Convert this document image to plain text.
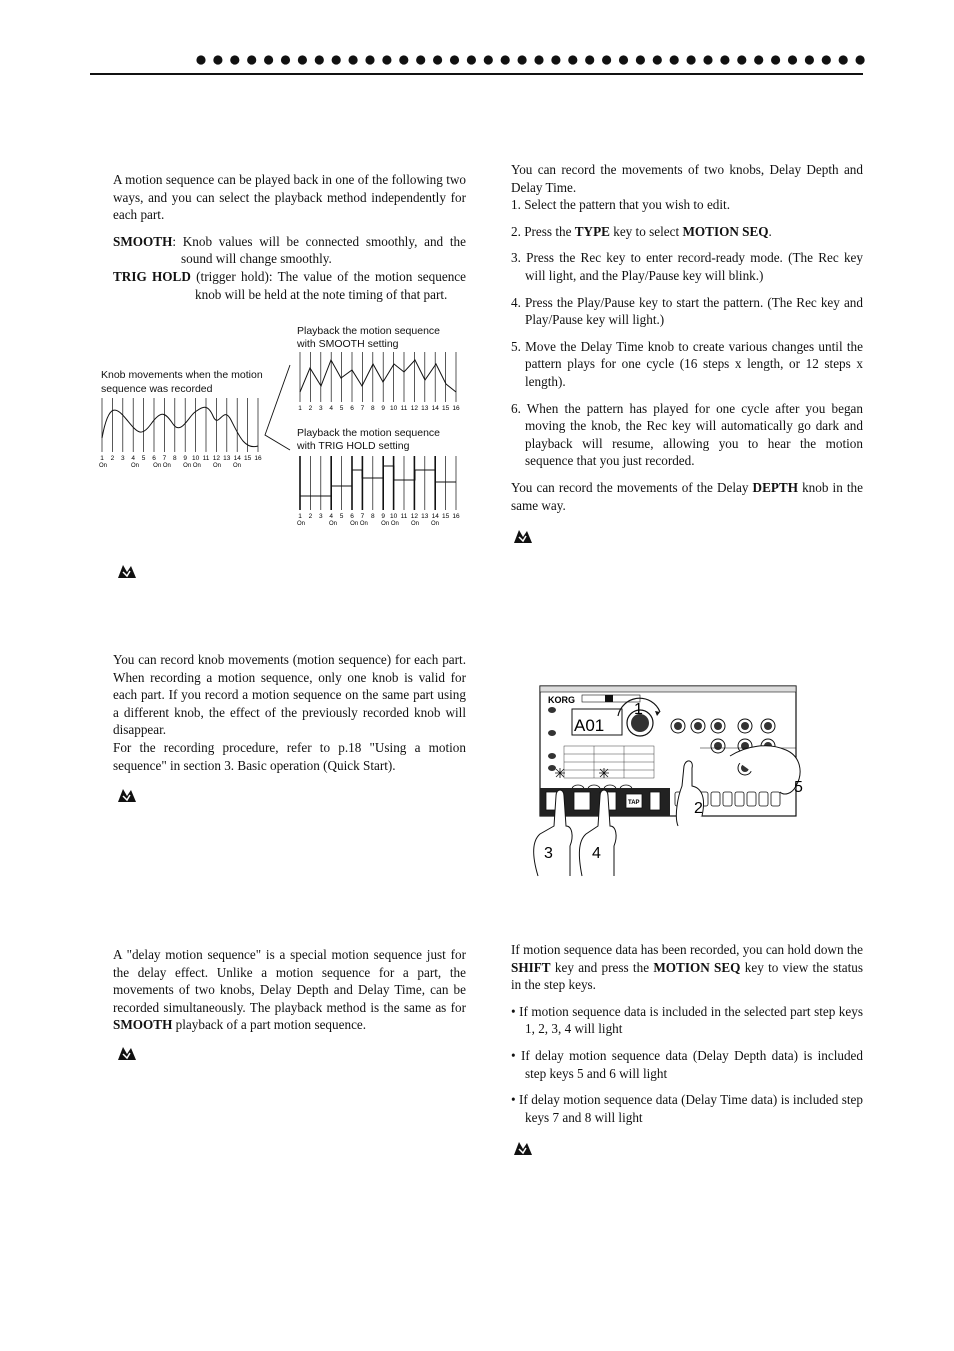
A motion sequence can be played back in one of the following two ways, and you can select the playback method independently for each part.

SMOOTH: Knob values will be connected smoothly, and the sound will change smoothly.

TRIG HOLD (trigger hold): The value of the motion sequence knob will be held at the note timing of that part.

1 2 3 4 5 6 7 8 9 10 11 12 13 14 15 16
On	On On On On On On On
1 2 3 4 5 6 7 8 9 10 11 12 13 14 15 16
1 2 3 4 5 6 7 8 9 10 11 12 13 14 15 16
On	On On On On On On On
Knob movements when the motion sequence was recorded
Playback the motion sequence with SMOOTH setting
Playback the motion sequence with TRIG HOLD setting

You can record knob movements (motion sequence) for each part. When recording a motion sequence, only one knob is valid for each part. If you record a motion sequence on the same part using a different knob, the effect of the previously recorded knob will disappear.

For the recording procedure, refer to p.18 "Using a motion sequence" in section 3. Basic operation (Quick Start).

A "delay motion sequence" is a special motion sequence just for the delay effect. Unlike a motion sequence for a part, the movements of two knobs, Delay Depth and Delay Time, can be recorded simultaneously. The playback method is the same as for SMOOTH playback of a part motion sequence.

You can record the movements of two knobs, Delay Depth and Delay Time.

1. Select the pattern that you wish to edit.
2. Press the TYPE key to select MOTION SEQ.
3. Press the Rec key to enter record-ready mode. (The Rec key will light, and the Play/Pause key will blink.)
4. Press the Play/Pause key to start the pattern. (The Rec key and Play/Pause key will light.)
5. Move the Delay Time knob to create various changes until the pattern plays for one cycle (16 steps x length, or 12 steps x length).
6. When the pattern has played for one cycle after you began moving the knob, the Rec key will automatically go dark and playback will resume, allowing you to hear the motion sequence that you just recorded.

You can record the movements of the Delay DEPTH knob in the same way.

KORG
A01
TAP
1
2
3 4
5

If motion sequence data has been recorded, you can hold down the SHIFT key and press the MOTION SEQ key to view the status in the step keys.

• If motion sequence data is included in the selected part step keys 1, 2, 3, 4 will light
• If delay motion sequence data (Delay Depth data) is included step keys 5 and 6 will light
• If delay motion sequence data (Delay Time data) is included step keys 7 and 8 will light
